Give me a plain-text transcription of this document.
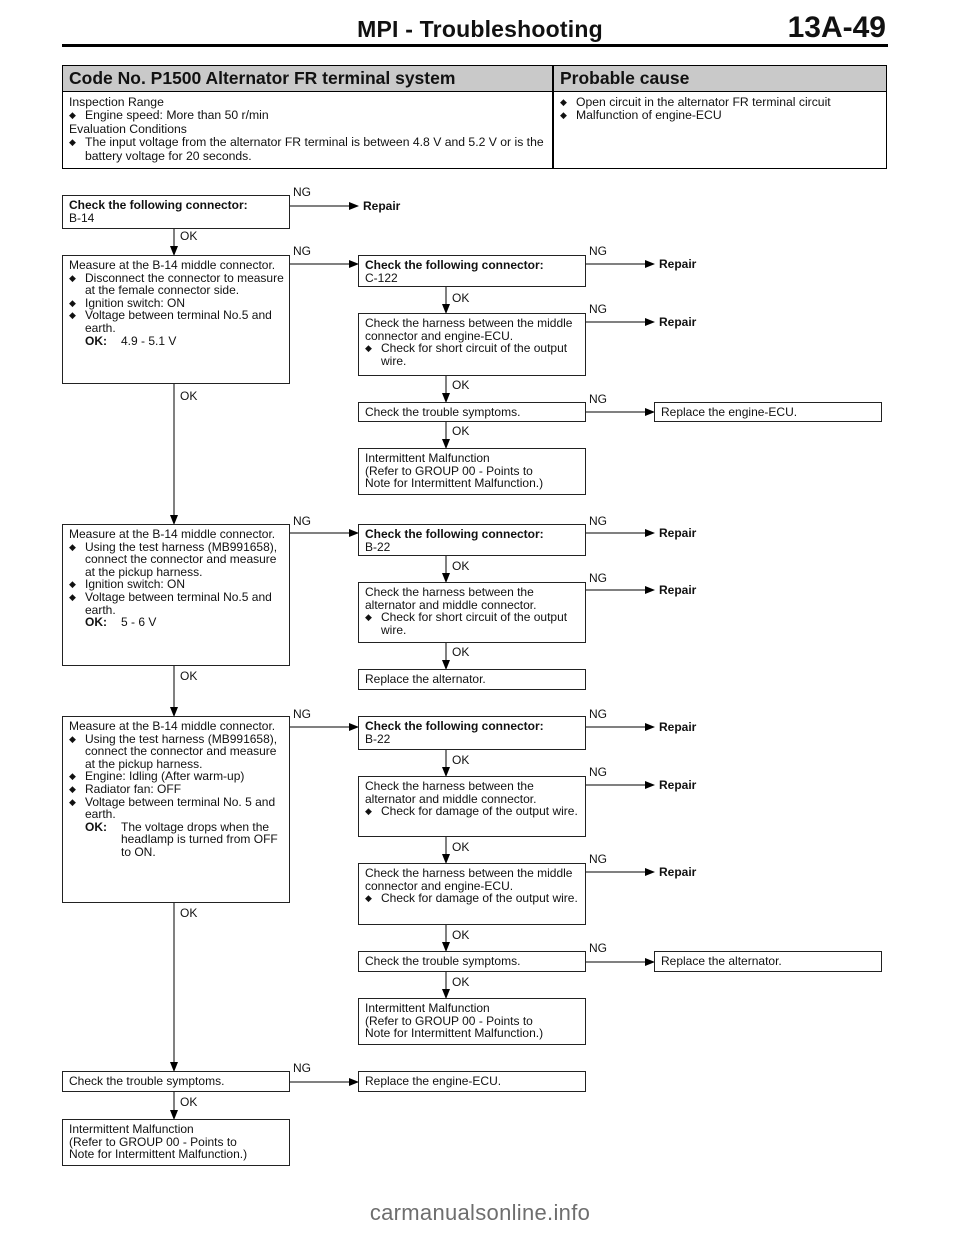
MPI - Troubleshooting	13A-49
Code No. P1500 Alternator FR terminal system	Probable cause
Inspection Range
◆ Engine speed: More than 50 r/min
Evaluation Conditions
◆ The input voltage from the alternator FR terminal is between 4.8 V and 5.2 V or is the battery voltage for 20 seconds.
◆ Open circuit in the alternator FR terminal circuit
◆ Malfunction of engine-ECU
Check the following connector:
B-14
NG
Repair
OK
Measure at the B-14 middle connector.
◆ Disconnect the connector to measure at the female connector side.
◆ Ignition switch: ON
◆ Voltage between terminal No.5 and earth.
OK:	4.9 - 5.1 V
NG
OK
Check the following connector:
C-122
NG
Repair
OK
Check the harness between the middle connector and engine-ECU.
◆ Check for short circuit of the output wire.
NG
Repair
OK
Check the trouble symptoms.
NG
Replace the engine-ECU.
OK
Intermittent Malfunction
(Refer to GROUP 00 - Points to
Note for Intermittent Malfunction.)
Measure at the B-14 middle connector.
◆ Using the test harness (MB991658), connect the connector and measure at the pickup harness.
◆ Ignition switch: ON
◆ Voltage between terminal No.5 and earth.
OK:	5 - 6 V
NG
OK
Check the following connector:
B-22
NG
Repair
OK
Check the harness between the alternator and middle connector.
◆ Check for short circuit of the output wire.
NG
Repair
OK
Replace the alternator.
Measure at the B-14 middle connector.
◆ Using the test harness (MB991658), connect the connector and measure at the pickup harness.
◆ Engine: Idling (After warm-up)
◆ Radiator fan: OFF
◆ Voltage between terminal No. 5 and earth.
OK:	The voltage drops when the headlamp is turned from OFF to ON.
NG
OK
Check the following connector:
B-22
NG
Repair
OK
Check the harness between the alternator and middle connector.
◆ Check for damage of the output wire.
NG
Repair
OK
Check the harness between the middle connector and engine-ECU.
◆ Check for damage of the output wire.
NG
Repair
OK
Check the trouble symptoms.
NG
Replace the alternator.
OK
Intermittent Malfunction
(Refer to GROUP 00 - Points to
Note for Intermittent Malfunction.)
Check the trouble symptoms.
NG
Replace the engine-ECU.
OK
Intermittent Malfunction
(Refer to GROUP 00 - Points to
Note for Intermittent Malfunction.)
carmanualsonline.info
